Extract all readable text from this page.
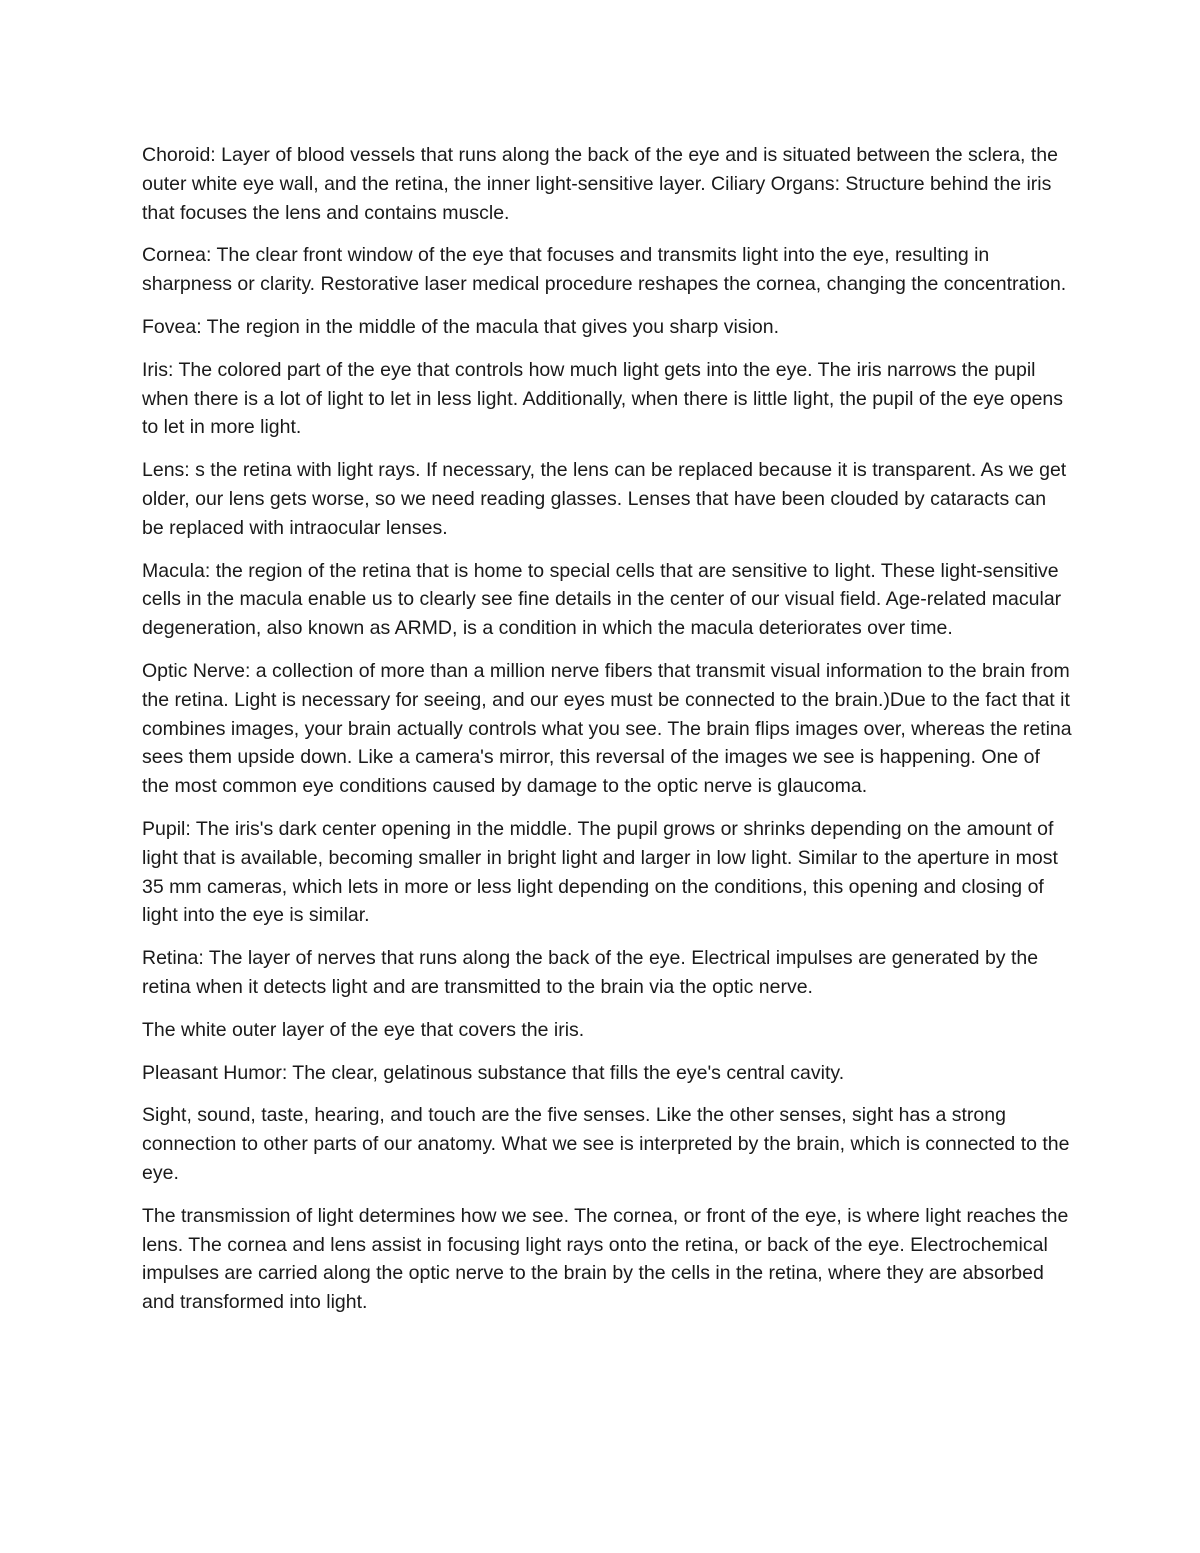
Choroid: Layer of blood vessels that runs along the back of the eye and is situated between the sclera, the outer white eye wall, and the retina, the inner light-sensitive layer. Ciliary Organs: Structure behind the iris that focuses the lens and contains muscle.

Cornea: The clear front window of the eye that focuses and transmits light into the eye, resulting in sharpness or clarity. Restorative laser medical procedure reshapes the cornea, changing the concentration.

Fovea: The region in the middle of the macula that gives you sharp vision.

Iris: The colored part of the eye that controls how much light gets into the eye. The iris narrows the pupil when there is a lot of light to let in less light. Additionally, when there is little light, the pupil of the eye opens to let in more light.

Lens: s the retina with light rays. If necessary, the lens can be replaced because it is transparent. As we get older, our lens gets worse, so we need reading glasses. Lenses that have been clouded by cataracts can be replaced with intraocular lenses.

Macula: the region of the retina that is home to special cells that are sensitive to light. These light-sensitive cells in the macula enable us to clearly see fine details in the center of our visual field. Age-related macular degeneration, also known as ARMD, is a condition in which the macula deteriorates over time.

Optic Nerve: a collection of more than a million nerve fibers that transmit visual information to the brain from the retina. Light is necessary for seeing, and our eyes must be connected to the brain.)Due to the fact that it combines images, your brain actually controls what you see. The brain flips images over, whereas the retina sees them upside down. Like a camera's mirror, this reversal of the images we see is happening. One of the most common eye conditions caused by damage to the optic nerve is glaucoma.

Pupil: The iris's dark center opening in the middle. The pupil grows or shrinks depending on the amount of light that is available, becoming smaller in bright light and larger in low light. Similar to the aperture in most 35 mm cameras, which lets in more or less light depending on the conditions, this opening and closing of light into the eye is similar.

Retina: The layer of nerves that runs along the back of the eye. Electrical impulses are generated by the retina when it detects light and are transmitted to the brain via the optic nerve.

The white outer layer of the eye that covers the iris.

Pleasant Humor: The clear, gelatinous substance that fills the eye's central cavity.

Sight, sound, taste, hearing, and touch are the five senses. Like the other senses, sight has a strong connection to other parts of our anatomy. What we see is interpreted by the brain, which is connected to the eye.

The transmission of light determines how we see. The cornea, or front of the eye, is where light reaches the lens. The cornea and lens assist in focusing light rays onto the retina, or back of the eye. Electrochemical impulses are carried along the optic nerve to the brain by the cells in the retina, where they are absorbed and transformed into light.
